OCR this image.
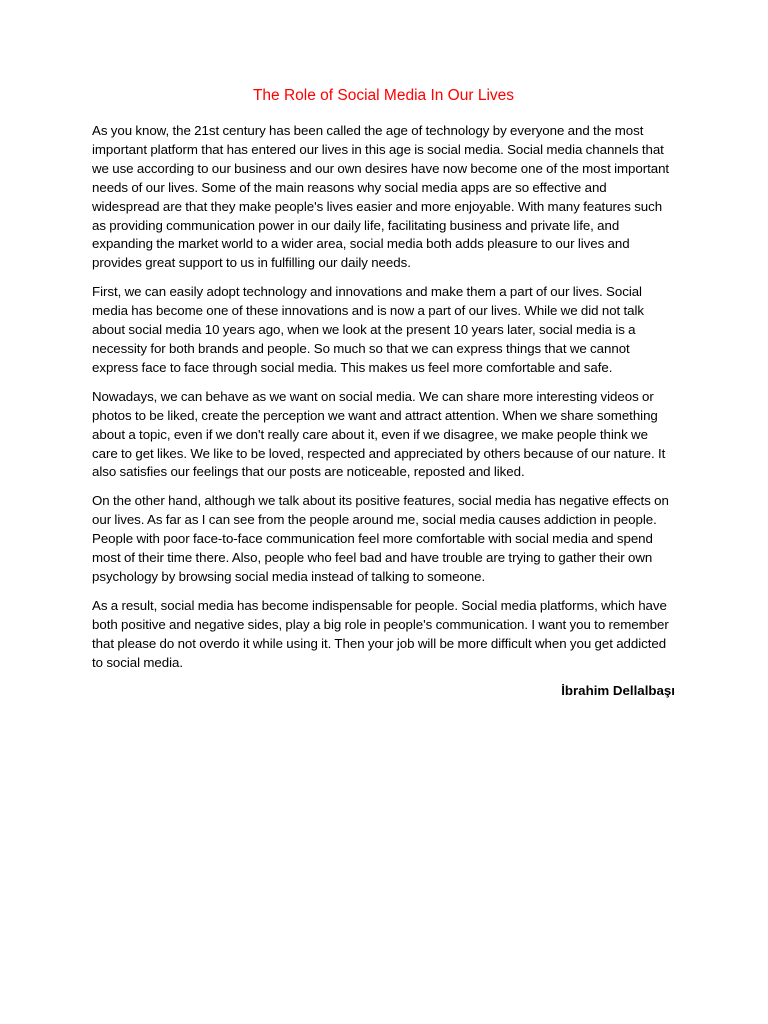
The Role of Social Media In Our Lives

As you know, the 21st century has been called the age of technology by everyone and the most important platform that has entered our lives in this age is social media. Social media channels that we use according to our business and our own desires have now become one of the most important needs of our lives. Some of the main reasons why social media apps are so effective and widespread are that they make people's lives easier and more enjoyable. With many features such as providing communication power in our daily life, facilitating business and private life, and expanding the market world to a wider area, social media both adds pleasure to our lives and provides great support to us in fulfilling our daily needs.

First, we can easily adopt technology and innovations and make them a part of our lives. Social media has become one of these innovations and is now a part of our lives. While we did not talk about social media 10 years ago, when we look at the present 10 years later, social media is a necessity for both brands and people. So much so that we can express things that we cannot express face to face through social media. This makes us feel more comfortable and safe.

Nowadays, we can behave as we want on social media. We can share more interesting videos or photos to be liked, create the perception we want and attract attention. When we share something about a topic, even if we don't really care about it, even if we disagree, we make people think we care to get likes. We like to be loved, respected and appreciated by others because of our nature. It also satisfies our feelings that our posts are noticeable, reposted and liked.

On the other hand, although we talk about its positive features, social media has negative effects on our lives. As far as I can see from the people around me, social media causes addiction in people. People with poor face-to-face communication feel more comfortable with social media and spend most of their time there. Also, people who feel bad and have trouble are trying to gather their own psychology by browsing social media instead of talking to someone.

As a result, social media has become indispensable for people. Social media platforms, which have both positive and negative sides, play a big role in people's communication. I want you to remember that please do not overdo it while using it. Then your job will be more difficult when you get addicted to social media.

İbrahim Dellalbaşı
